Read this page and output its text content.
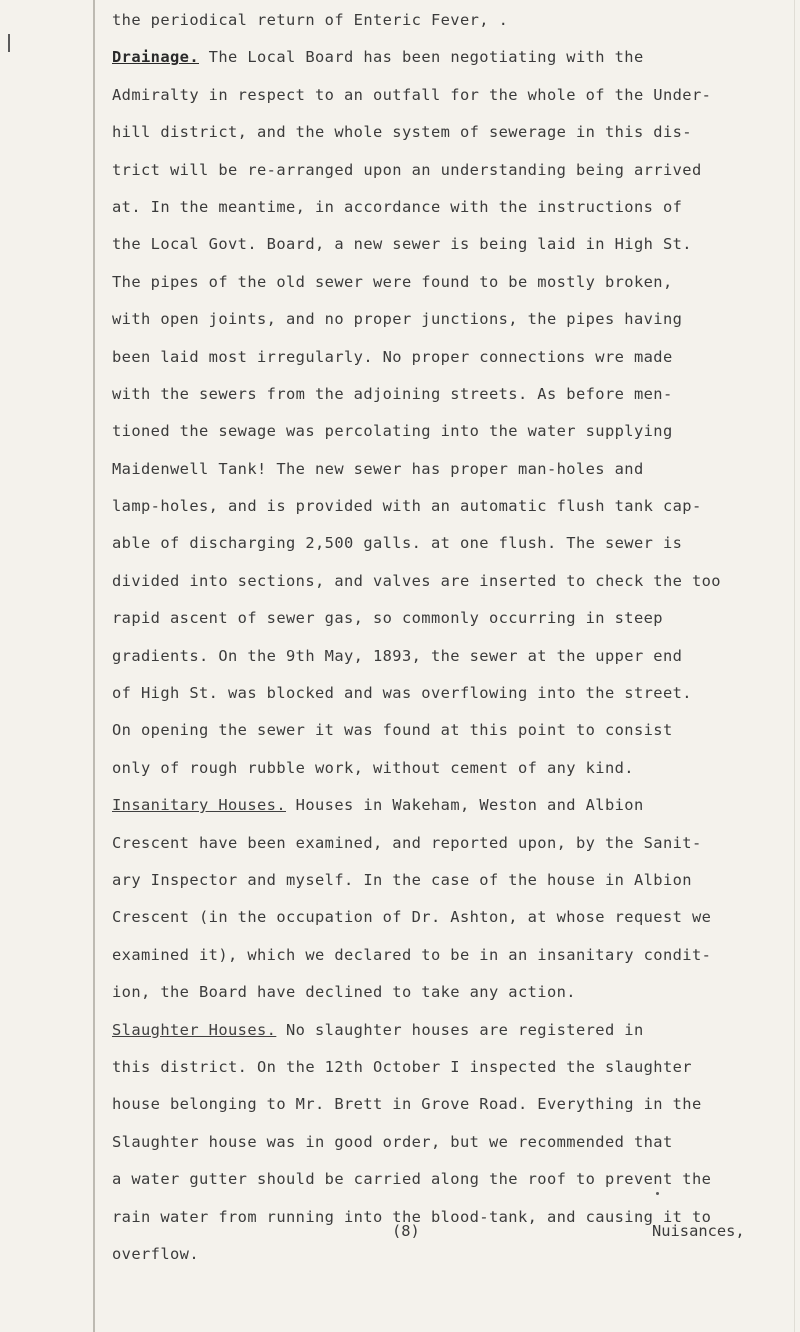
the periodical return of Enteric Fever, .
Drainage. The Local Board has been negotiating with the
Admiralty in respect to an outfall for the whole of the Under-
hill district, and the whole system of sewerage in this dis-
trict will be re-arranged upon an understanding being arrived
at. In the meantime, in accordance with the instructions of
the Local Govt. Board, a new sewer is being laid in High St.
The pipes of the old sewer were found to be mostly broken,
with open joints, and no proper junctions, the pipes having
been laid most irregularly. No proper connections wre made
with the sewers from the adjoining streets. As before men-
tioned the sewage was percolating into the water supplying
Maidenwell Tank! The new sewer has proper man-holes and
lamp-holes, and is provided with an automatic flush tank cap-
able of discharging 2,500 galls. at one flush. The sewer is
divided into sections, and valves are inserted to check the too
rapid ascent of sewer gas, so commonly occurring in steep
gradients. On the 9th May, 1893, the sewer at the upper end
of High St. was blocked and was overflowing into the street.
On opening the sewer it was found at this point to consist
only of rough rubble work, without cement of any kind.
Insanitary Houses. Houses in Wakeham, Weston and Albion
Crescent have been examined, and reported upon, by the Sanit-
ary Inspector and myself. In the case of the house in Albion
Crescent (in the occupation of Dr. Ashton, at whose request we
examined it), which we declared to be in an insanitary condit-
ion, the Board have declined to take any action.
Slaughter Houses. No slaughter houses are registered in
this district. On the 12th October I inspected the slaughter
house belonging to Mr. Brett in Grove Road. Everything in the
Slaughter house was in good order, but we recommended that
a water gutter should be carried along the roof to prevent the
rain water from running into the blood-tank, and causing it to
overflow.
(8)	Nuisances,
